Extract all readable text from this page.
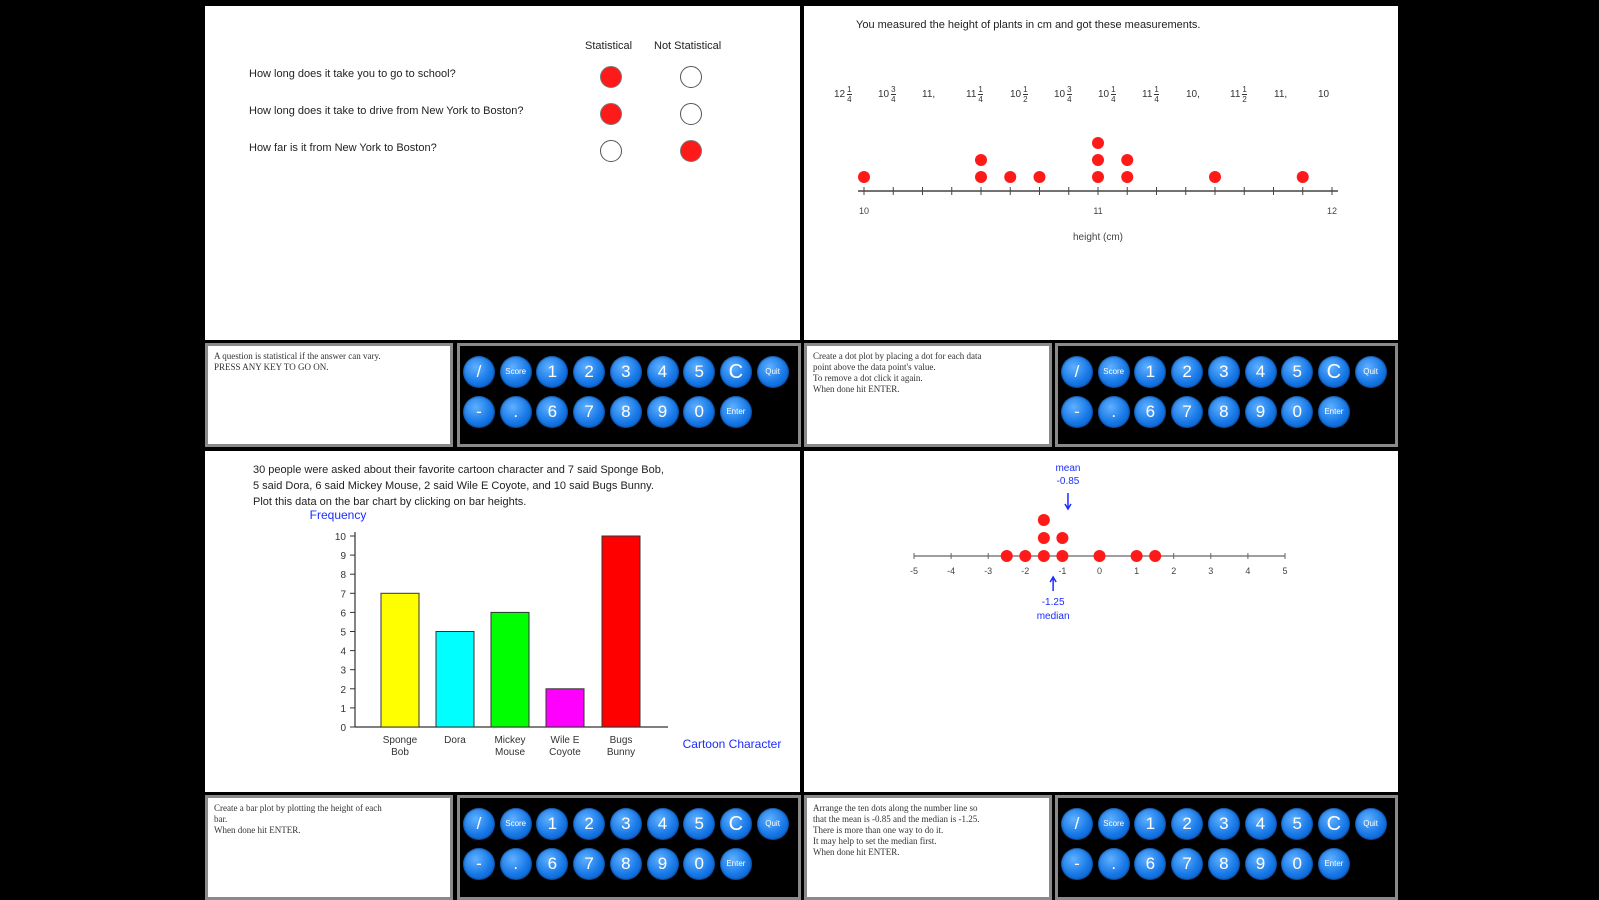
Statistical Not Statistical
How long does it take you to go to school?
How long does it take to drive from New York to Boston?
How far is it from New York to Boston?
A question is statistical if the answer can vary.
PRESS ANY KEY TO GO ON.	/	Score	1	2	3	4	5	C	Quit
-	.	6	7	8	9	0	Enter
You measured the height of plants in cm and got these measurements.
12 1
4	10 3
4	11,	11 1
4	10 1
2	10 3
4	10 1
4	11 1
4	10,	11 1
2	11,	10
10	11	12
height (cm)
Create a dot plot by placing a dot for each data
point above the data point's value.
To remove a dot click it again.
When done hit ENTER.
/	Score	1	2	3	4	5	C	Quit
-	.	6	7	8	9	0	Enter
30 people were asked about their favorite cartoon character and 7 said Sponge Bob,
5 said Dora, 6 said Mickey Mouse, 2 said Wile E Coyote, and 10 said Bugs Bunny.
Plot this data on the bar chart by clicking on bar heights.
Frequency
0
1
2
3
4
5
6
7
8
9
10
Sponge
Bob
Dora	Mickey
Mouse
Wile E
Coyote
Bugs
Bunny
Cartoon Character
Create a bar plot by plotting the height of each
bar.
When done hit ENTER.	/	Score	1	2	3	4	5	C	Quit
-	.	6	7	8	9	0	Enter
-5	-4	-3	-2	-1	0	1	2	3	4	5
mean
-0.85
-1.25
median
Arrange the ten dots along the number line so
that the mean is -0.85 and the median is -1.25.
There is more than one way to do it.
It may help to set the median first.
When done hit ENTER.
/	Score	1	2	3	4	5	C	Quit
-	.	6	7	8	9	0	Enter
